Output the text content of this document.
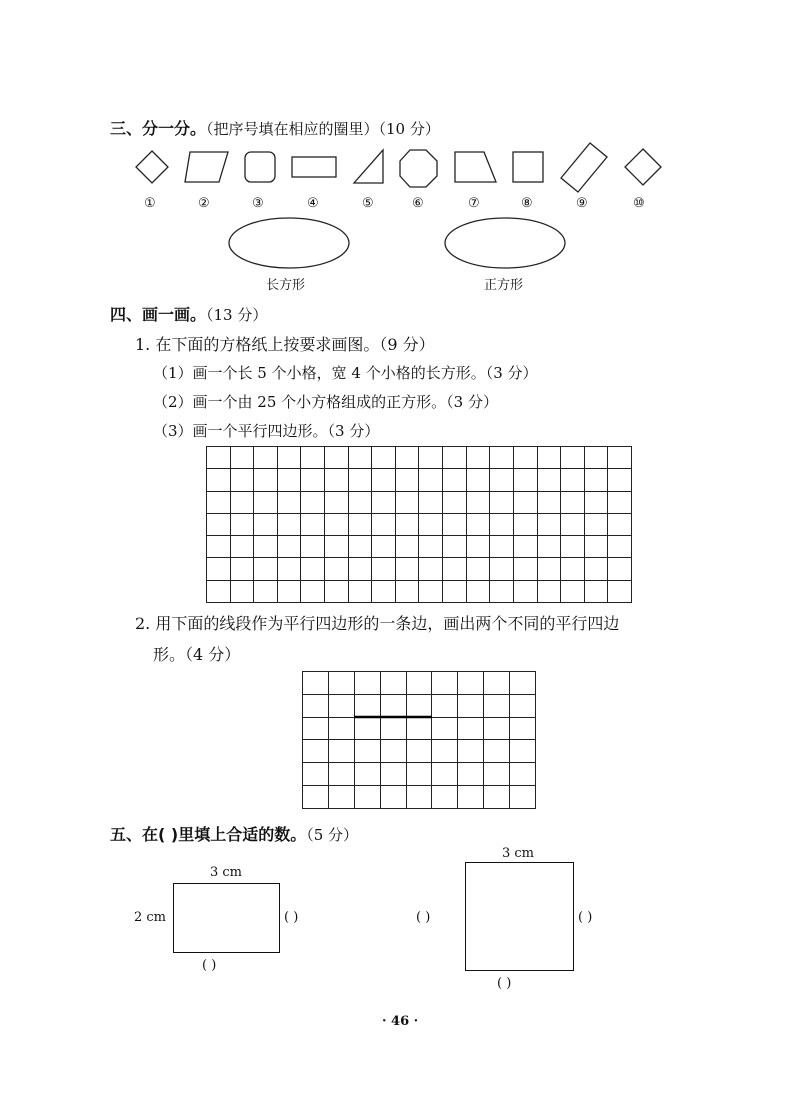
三、分一分。（把序号填在相应的圈里）（10 分）
①	②	③	④	⑤	⑥	⑦	⑧	⑨	⑩
长方形	正方形
四、画一画。（13 分）
1. 在下面的方格纸上按要求画图。（9 分）
（1）画一个长 5 个小格，宽 4 个小格的长方形。（3 分）
（2）画一个由 25 个小方格组成的正方形。（3 分）
（3）画一个平行四边形。（3 分）

2. 用下面的线段作为平行四边形的一条边，画出两个不同的平行四边
形。（4 分）

五、在( )里填上合适的数。（5 分）
3 cm
2 cm	( )
( )
3 cm
( )	( )
( )
· 46 ·
